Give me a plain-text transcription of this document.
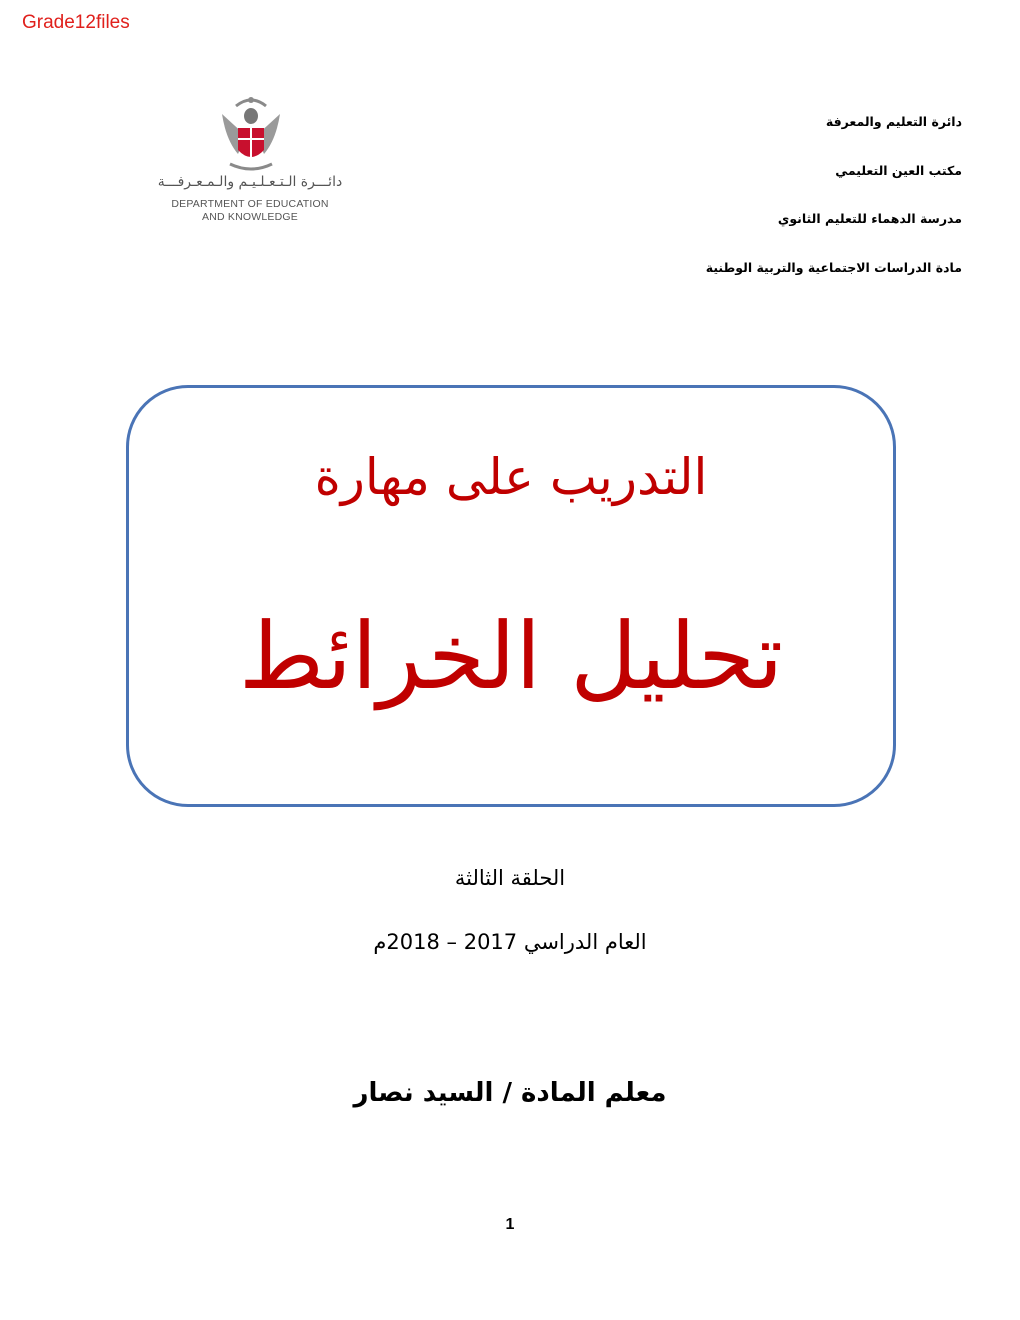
Grade12files
دائـــرة الـتـعـلـيـم والـمـعـرفـــة
DEPARTMENT OF EDUCATION
AND KNOWLEDGE
دائرة التعليم والمعرفة
مكتب العين التعليمي
مدرسة الدهماء للتعليم الثانوي
مادة الدراسات الاجتماعية والتربية الوطنية
التدريب على مهارة
تحليل الخرائط
الحلقة الثالثة
العام الدراسي 2017 – 2018م
معلم المادة / السيد نصار
1
